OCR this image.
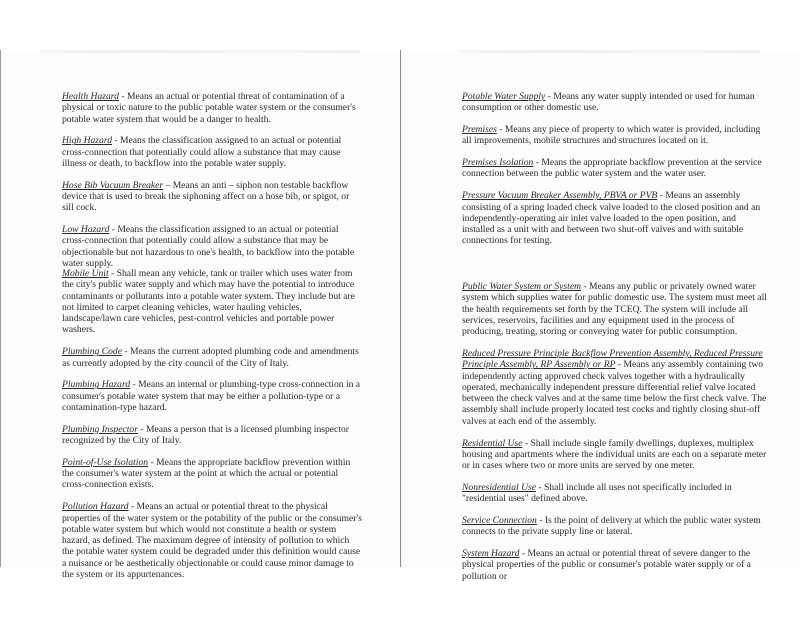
Health Hazard - Means an actual or potential threat of contamination of a physical or toxic nature to the public potable water system or the consumer's potable water system that would be a danger to health.

High Hazard - Means the classification assigned to an actual or potential cross-connection that potentially could allow a substance that may cause illness or death, to backflow into the potable water supply.

Hose Bib Vacuum Breaker – Means an anti – siphon non testable backflow device that is used to break the siphoning affect on a hose bib, or spigot, or sill cock.

Low Hazard - Means the classification assigned to an actual or potential cross-connection that potentially could allow a substance that may be objectionable but not hazardous to one's health, to backflow into the potable water supply.

Mobile Unit - Shall mean any vehicle, tank or trailer which uses water from the city's public water supply and which may have the potential to introduce contaminants or pollutants into a potable water system. They include but are not limited to carpet cleaning vehicles, water hauling vehicles, landscape/lawn care vehicles, pest-control vehicles and portable power washers.

Plumbing Code - Means the current adopted plumbing code and amendments as currently adopted by the city council of the City of Italy.

Plumbing Hazard - Means an internal or plumbing-type cross-connection in a consumer's potable water system that may be either a pollution-type or a contamination-type hazard.

Plumbing Inspector - Means a person that is a licensed plumbing inspector recognized by the City of Italy.

Point-of-Use Isolation - Means the appropriate backflow prevention within the consumer's water system at the point at which the actual or potential cross-connection exists.

Pollution Hazard - Means an actual or potential threat to the physical properties of the water system or the potability of the public or the consumer's potable water system but which would not constitute a health or system hazard, as defined. The maximum degree of intensity of pollution to which the potable water system could be degraded under this definition would cause a nuisance or be aesthetically objectionable or could cause minor damage to the system or its appurtenances.

Potable Water Supply - Means any water supply intended or used for human consumption or other domestic use.

Premises - Means any piece of property to which water is provided, including all improvements, mobile structures and structures located on it.

Premises Isolation - Means the appropriate backflow prevention at the service connection between the public water system and the water user.

Pressure Vacuum Breaker Assembly, PBVA or PVB - Means an assembly consisting of a spring loaded check valve loaded to the closed position and an independently-operating air inlet valve loaded to the open position, and installed as a unit with and between two shut-off valves and with suitable connections for testing.

Public Water System or System - Means any public or privately owned water system which supplies water for public domestic use. The system must meet all the health requirements set forth by the TCEQ. The system will include all services, reservoirs, facilities and any equipment used in the process of producing, treating, storing or conveying water for public consumption.

Reduced Pressure Principle Backflow Prevention Assembly, Reduced Pressure Principle Assembly, RP Assembly or RP - Means any assembly containing two independently acting approved check valves together with a hydraulically operated, mechanically independent pressure differential relief valve located between the check valves and at the same time below the first check valve. The assembly shall include properly located test cocks and tightly closing shut-off valves at each end of the assembly.

Residential Use - Shall include single family dwellings, duplexes, multiplex housing and apartments where the individual units are each on a separate meter or in cases where two or more units are served by one meter.

Nonresidential Use - Shall include all uses not specifically included in "residential uses" defined above.

Service Connection - Is the point of delivery at which the public water system connects to the private supply line or lateral.

System Hazard - Means an actual or potential threat of severe danger to the physical properties of the public or consumer's potable water supply or of a pollution or
